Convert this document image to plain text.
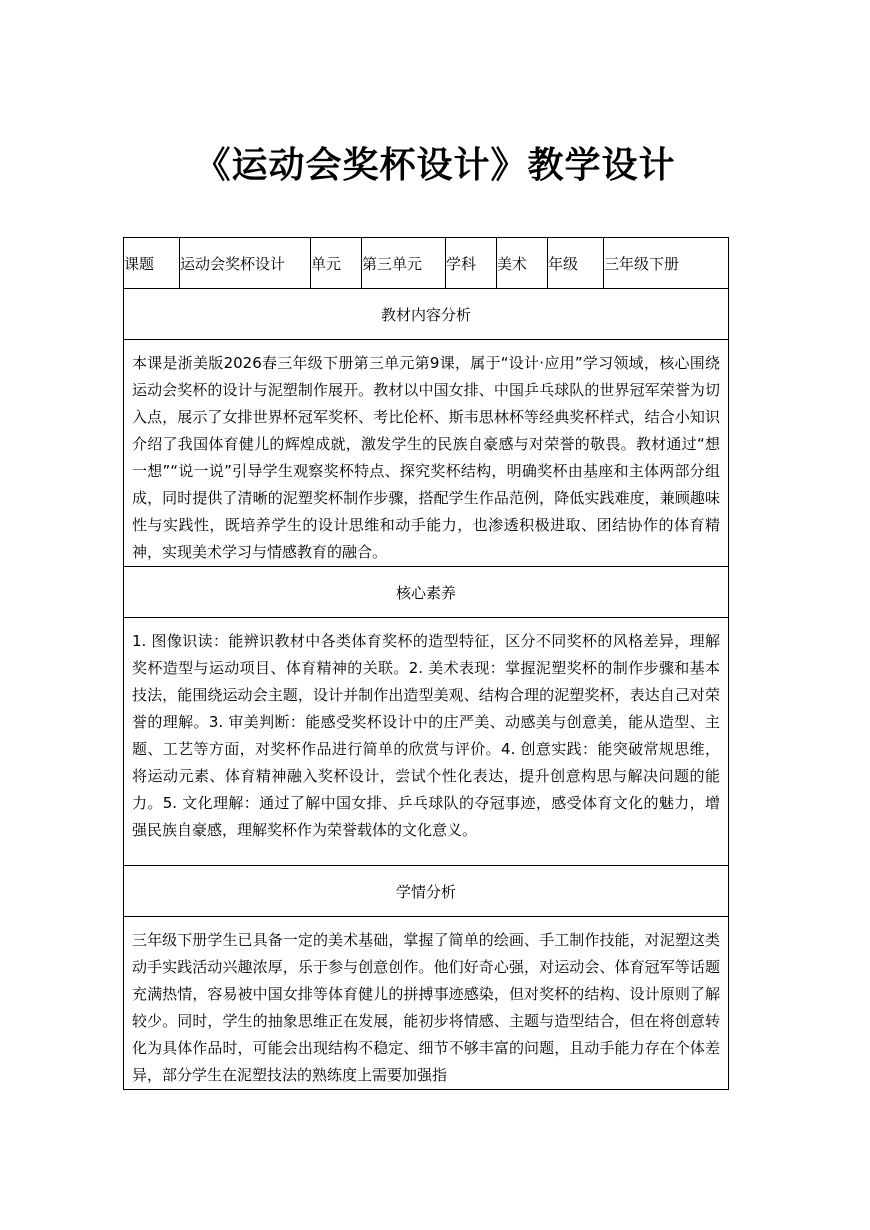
《运动会奖杯设计》教学设计
课题	运动会奖杯设计	单元	第三单元	学科	美术	年级	三年级下册
教材内容分析
本课是浙美版2026春三年级下册第三单元第9课，属于“设计·应用”学习领域，核心围绕运动会奖杯的设计与泥塑制作展开。教材以中国女排、中国乒乓球队的世界冠军荣誉为切入点，展示了女排世界杯冠军奖杯、考比伦杯、斯韦思林杯等经典奖杯样式，结合小知识介绍了我国体育健儿的辉煌成就，激发学生的民族自豪感与对荣誉的敬畏。教材通过“想一想”“说一说”引导学生观察奖杯特点、探究奖杯结构，明确奖杯由基座和主体两部分组成，同时提供了清晰的泥塑奖杯制作步骤，搭配学生作品范例，降低实践难度，兼顾趣味性与实践性，既培养学生的设计思维和动手能力，也渗透积极进取、团结协作的体育精神，实现美术学习与情感教育的融合。
核心素养
1. 图像识读：能辨识教材中各类体育奖杯的造型特征，区分不同奖杯的风格差异，理解奖杯造型与运动项目、体育精神的关联。2. 美术表现：掌握泥塑奖杯的制作步骤和基本技法，能围绕运动会主题，设计并制作出造型美观、结构合理的泥塑奖杯，表达自己对荣誉的理解。3. 审美判断：能感受奖杯设计中的庄严美、动感美与创意美，能从造型、主题、工艺等方面，对奖杯作品进行简单的欣赏与评价。4. 创意实践：能突破常规思维，将运动元素、体育精神融入奖杯设计，尝试个性化表达，提升创意构思与解决问题的能力。5. 文化理解：通过了解中国女排、乒乓球队的夺冠事迹，感受体育文化的魅力，增强民族自豪感，理解奖杯作为荣誉载体的文化意义。
学情分析

三年级下册学生已具备一定的美术基础，掌握了简单的绘画、手工制作技能，对泥塑这类动手实践活动兴趣浓厚，乐于参与创意创作。他们好奇心强，对运动会、体育冠军等话题充满热情，容易被中国女排等体育健儿的拼搏事迹感染，但对奖杯的结构、设计原则了解较少。同时，学生的抽象思维正在发展，能初步将情感、主题与造型结合，但在将创意转化为具体作品时，可能会出现结构不稳定、细节不够丰富的问题，且动手能力存在个体差异，部分学生在泥塑技法的熟练度上需要加强指
